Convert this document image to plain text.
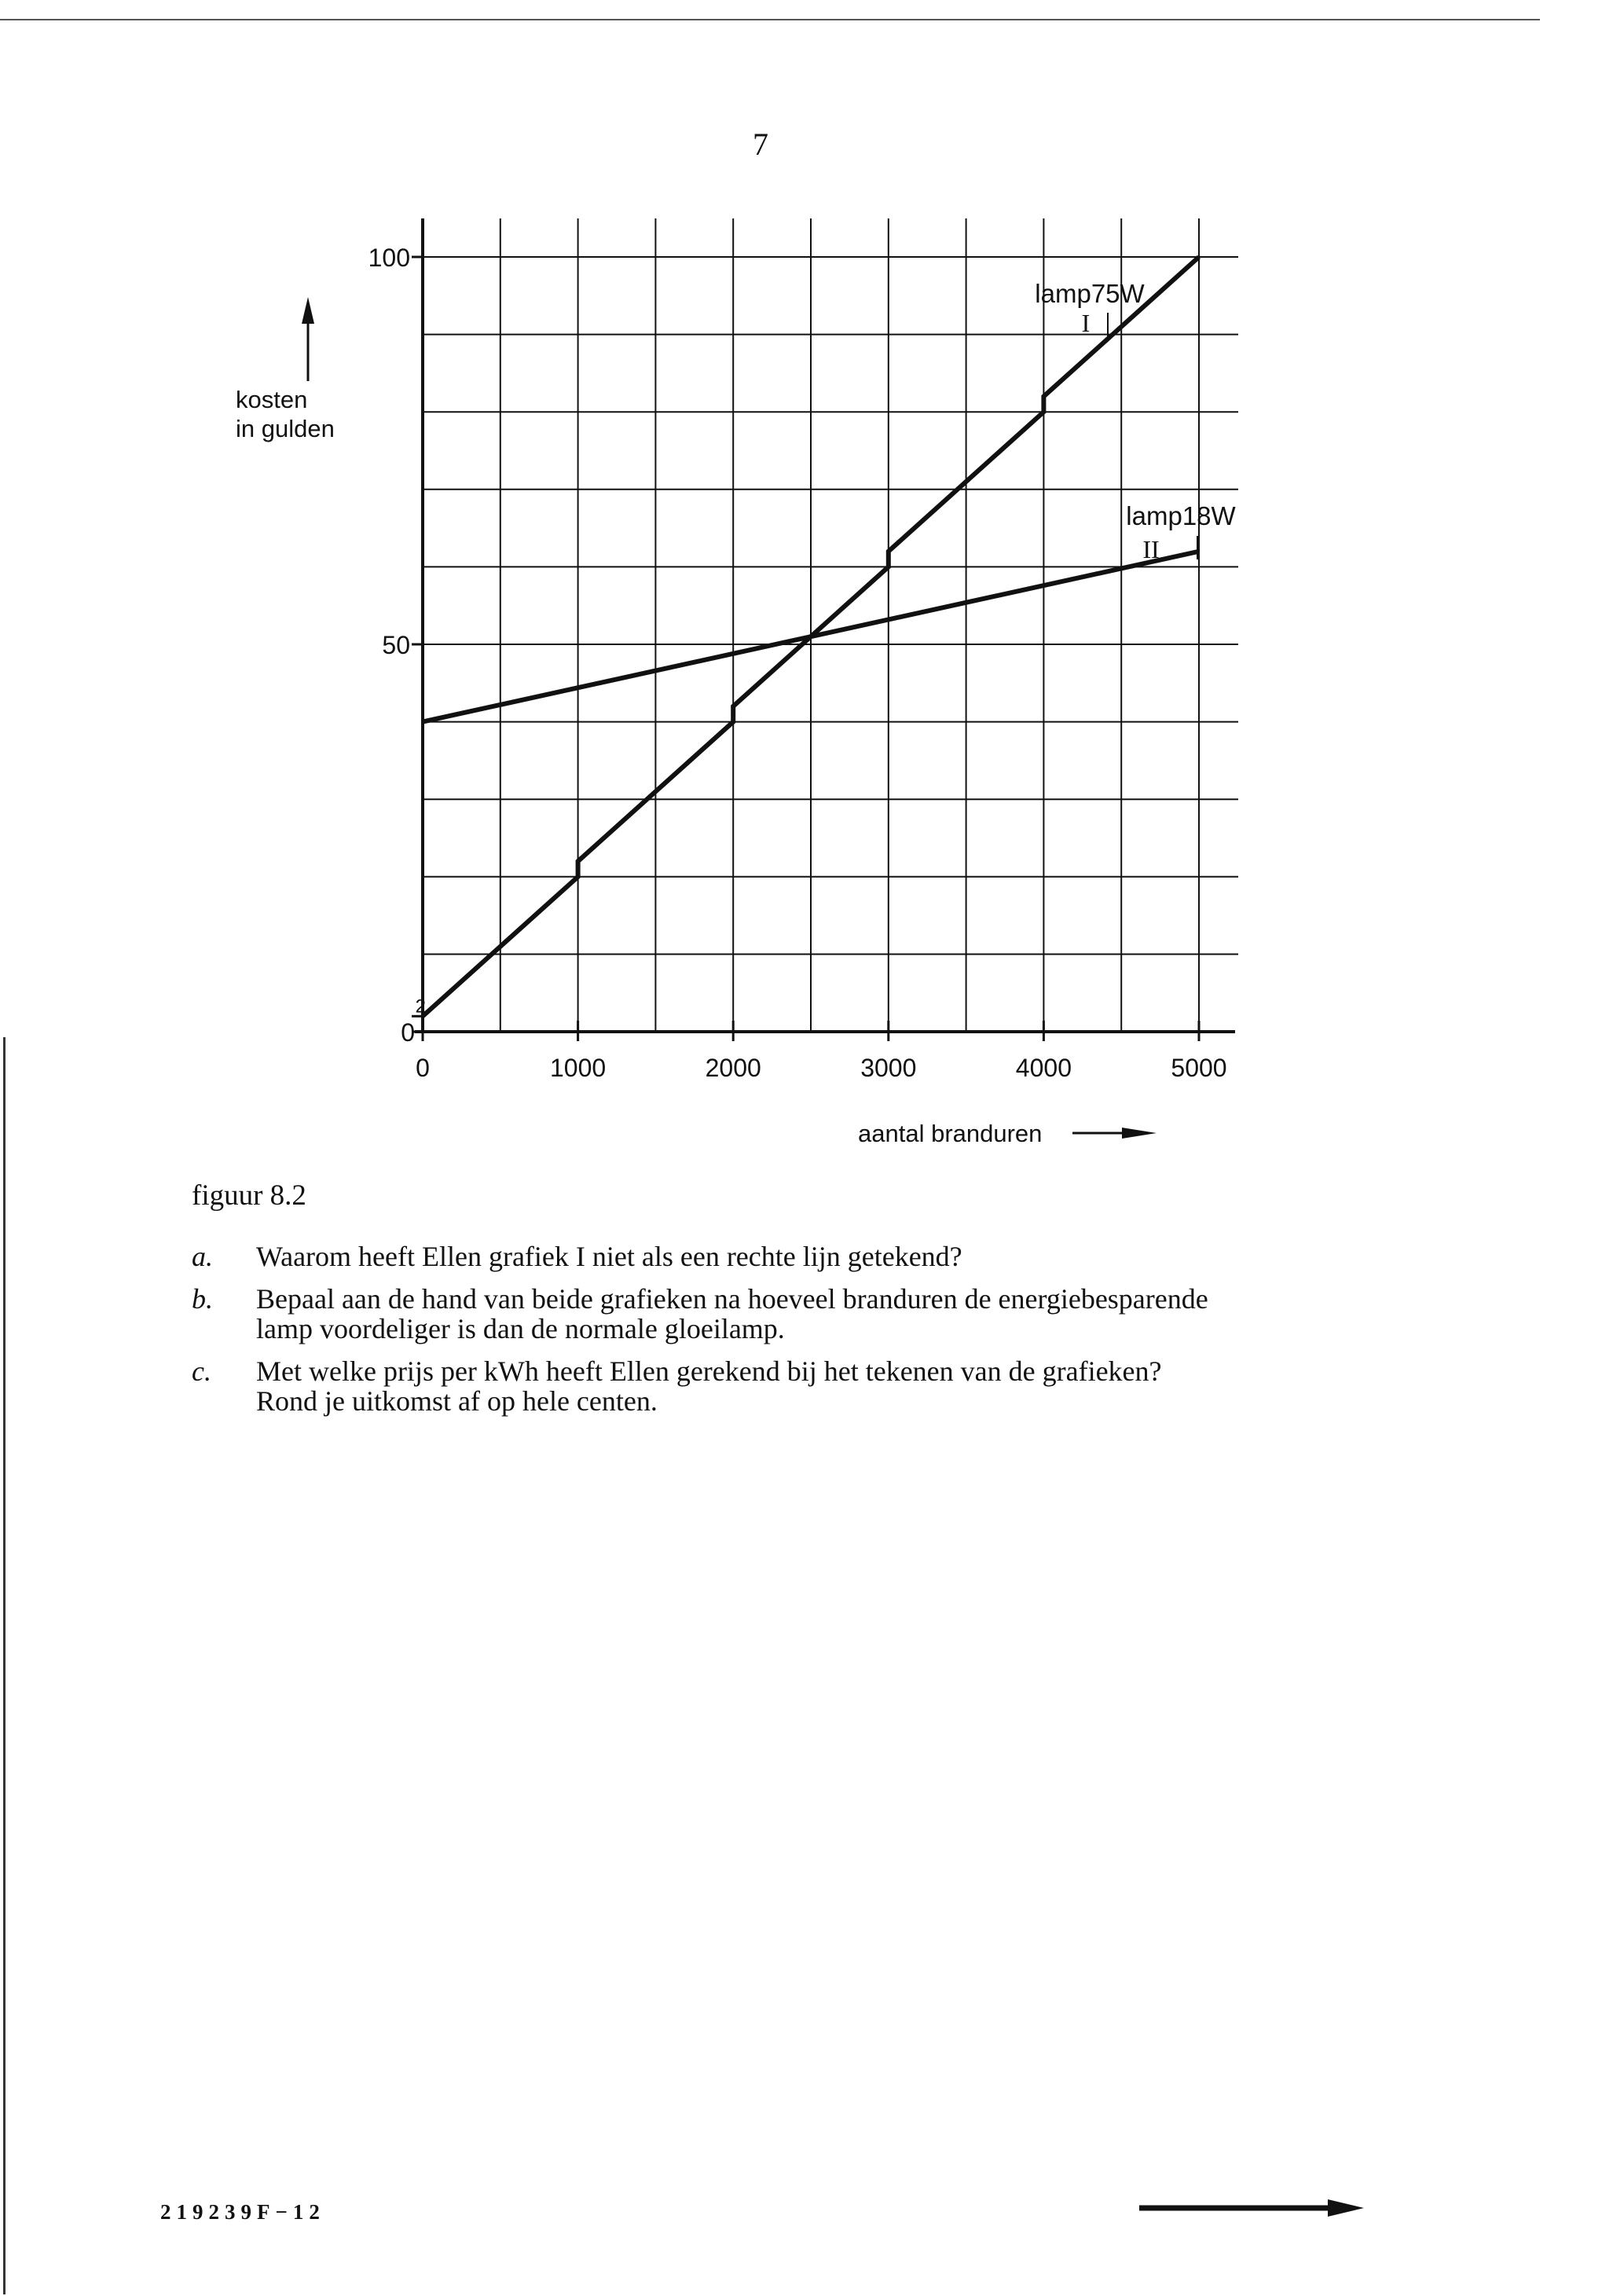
7
0	1000	2000	3000	4000	5000
0
2
50
100
lamp75W
I
lamp18W
II
aantal branduren
kosten
in gulden
figuur 8.2
a. Waarom heeft Ellen grafiek I niet als een rechte lijn getekend?
b. Bepaal aan de hand van beide grafieken na hoeveel branduren de energiebesparende
lamp voordeliger is dan de normale gloeilamp.
c. Met welke prijs per kWh heeft Ellen gerekend bij het tekenen van de grafieken?
Rond je uitkomst af op hele centen.
219239F−12
